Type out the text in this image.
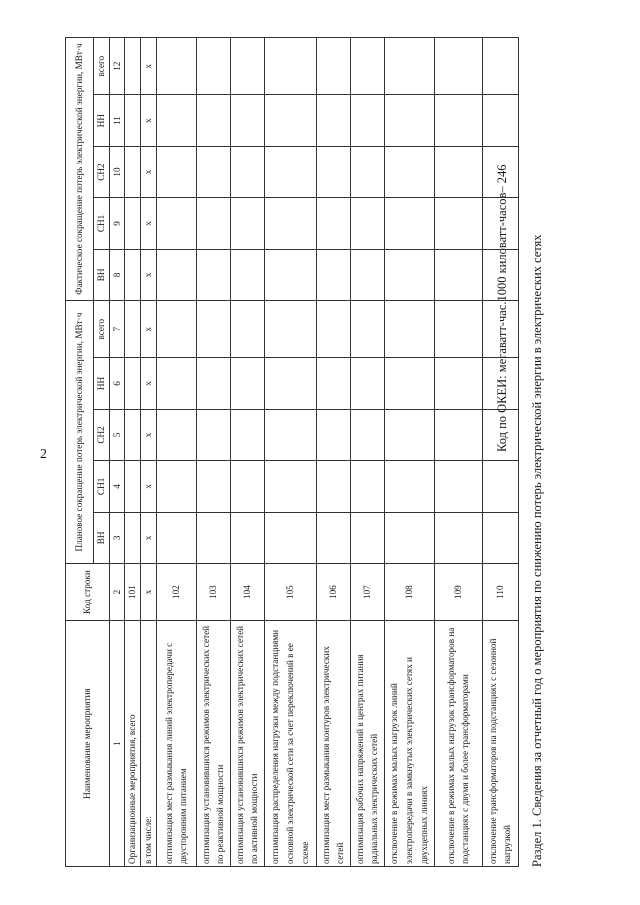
2	Раздел 1. Сведения за отчетный год о мероприятия по снижению потерь электрической энергии в электрических сетях
Код по ОКЕИ: мегаватт-час.1000 киловатт-часов– 246
Наименование мероприятия	Код строки	Плановое сокращение потерь электрической энергии, МВт·ч					Фактическое сокращение потерь электрической энергии, МВт·ч				
		ВН	СН1	СН2	НН	всего	ВН	СН1	СН2	НН	всего
1	2	3	4	5	6	7	8	9	10	11	12
Организационные мероприятия, всего	101										
в том числе:	x	x	x	x	x	x	x	x	x	x	x
оптимизация мест размыкания линий электропередачи с двусторонним питанием	102										
оптимизация установившихся режимов электрических сетей по реактивной мощности	103										
оптимизация установившихся режимов электрических сетей по активной мощности	104										
оптимизация распределения нагрузки между подстанциями основной электрической сети за счет переключений в ее схеме	105										
оптимизация мест размыкания контуров электрических сетей	106										
оптимизация рабочих напряжений в центрах питания радиальных электрических сетей	107										
отключение в режимах малых нагрузок линий электропередачи в замкнутых электрических сетях и двухцепных линиях	108										
отключение в режимах малых нагрузок трансформаторов на подстанциях с двумя и более трансформаторами	109										
отключение трансформаторов на подстанциях с сезонной нагрузкой	110										
